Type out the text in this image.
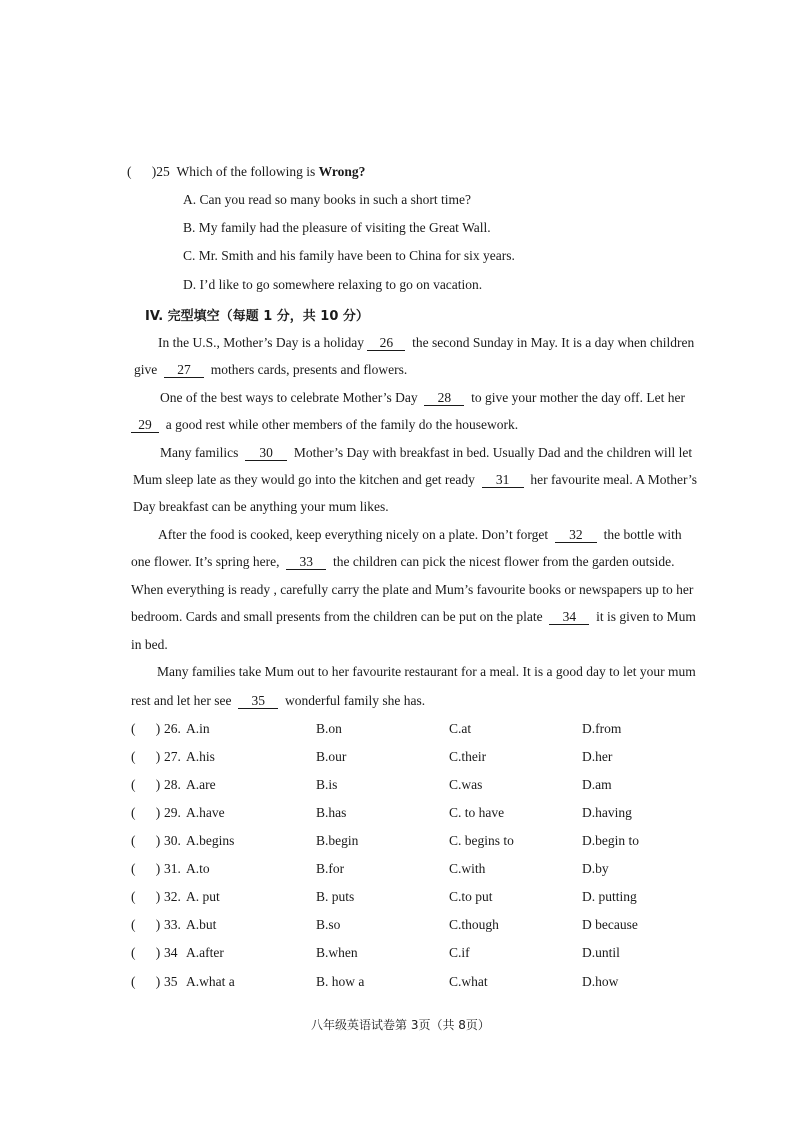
(      )25 Which of the following is Wrong?
A. Can you read so many books in such a short time?
B. My family had the pleasure of visiting the Great Wall.
C. Mr. Smith and his family have been to China for six years.
D. I’d like to go somewhere relaxing to go on vacation.
IV. 完型填空（每题 1 分，共 10 分）
In the U.S., Mother’s Day is a holiday 26 the second Sunday in May. It is a day when children
give 27 mothers cards, presents and flowers.
One of the best ways to celebrate Mother’s Day 28 to give your mother the day off. Let her
29 a good rest while other members of the family do the housework.
Many familics 30 Mother’s Day with breakfast in bed. Usually Dad and the children will let
Mum sleep late as they would go into the kitchen and get ready 31 her favourite meal. A Mother’s
Day breakfast can be anything your mum likes.
After the food is cooked, keep everything nicely on a plate. Don’t forget 32 the bottle with
one flower. It’s spring here, 33 the children can pick the nicest flower from the garden outside.
When everything is ready , carefully carry the plate and Mum’s favourite books or newspapers up to her
bedroom. Cards and small presents from the children can be put on the plate 34 it is given to Mum
in bed.
Many families take Mum out to her favourite restaurant for a meal. It is a good day to let your mum
rest and let her see 35 wonderful family she has.
(      ) 26. A.in	B.on	C.at	D.from
(      ) 27. A.his	B.our	C.their	D.her
(      ) 28. A.are	B.is	C.was	D.am
(      ) 29. A.have	B.has	C. to have	D.having
(      ) 30. A.begins	B.begin	C. begins to	D.begin to
(      ) 31. A.to	B.for	C.with	D.by
(      ) 32. A. put	B. puts	C.to put	D. putting
(      ) 33. A.but	B.so	C.though	D because
(      ) 34 A.after	B.when	C.if	D.until
(      ) 35 A.what a	B. how a	C.what	D.how
八年级英语试卷第 3页（共 8页）
